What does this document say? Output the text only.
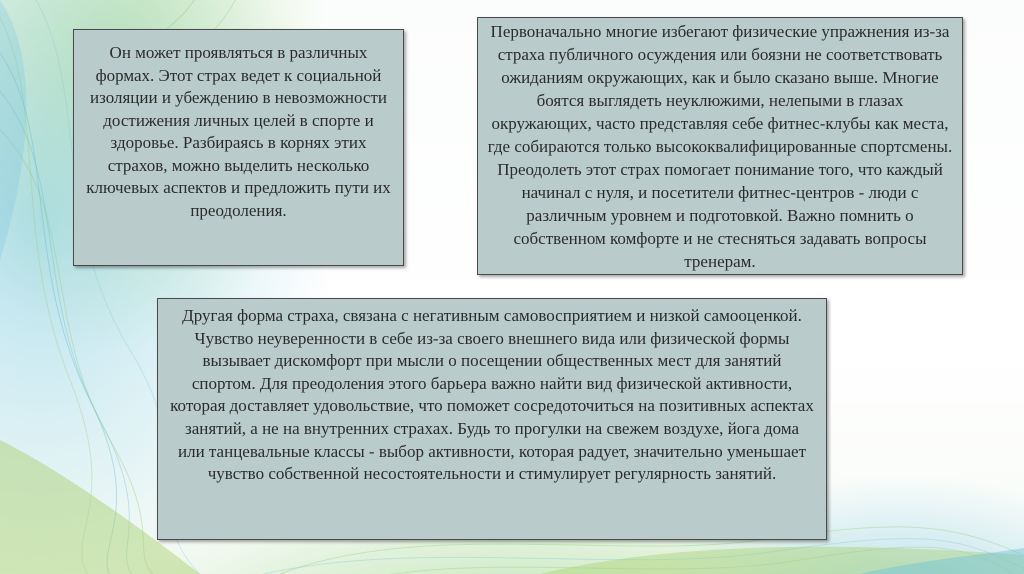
Он может проявляться в различных формах. Этот страх ведет к социальной изоляции и убеждению в невозможности достижения личных целей в спорте и здоровье. Разбираясь в корнях этих страхов, можно выделить несколько ключевых аспектов и предложить пути их преодоления.
Первоначально многие избегают физические упражнения из-за страха публичного осуждения или боязни не соответствовать ожиданиям окружающих, как и было сказано выше. Многие боятся выглядеть неуклюжими, нелепыми в глазах окружающих, часто представляя себе фитнес-клубы как места, где собираются только высококвалифицированные спортсмены. Преодолеть этот страх помогает понимание того, что каждый начинал с нуля, и посетители фитнес-центров - люди с различным уровнем и подготовкой. Важно помнить о собственном комфорте и не стесняться задавать вопросы тренерам.
Другая форма страха, связана с негативным самовосприятием и низкой самооценкой. Чувство неуверенности в себе из-за своего внешнего вида или физической формы вызывает дискомфорт при мысли о посещении общественных мест для занятий спортом. Для преодоления этого барьера важно найти вид физической активности, которая доставляет удовольствие, что поможет сосредоточиться на позитивных аспектах занятий, а не на внутренних страхах. Будь то прогулки на свежем воздухе, йога дома или танцевальные классы - выбор активности, которая радует, значительно уменьшает чувство собственной несостоятельности и стимулирует регулярность занятий.
